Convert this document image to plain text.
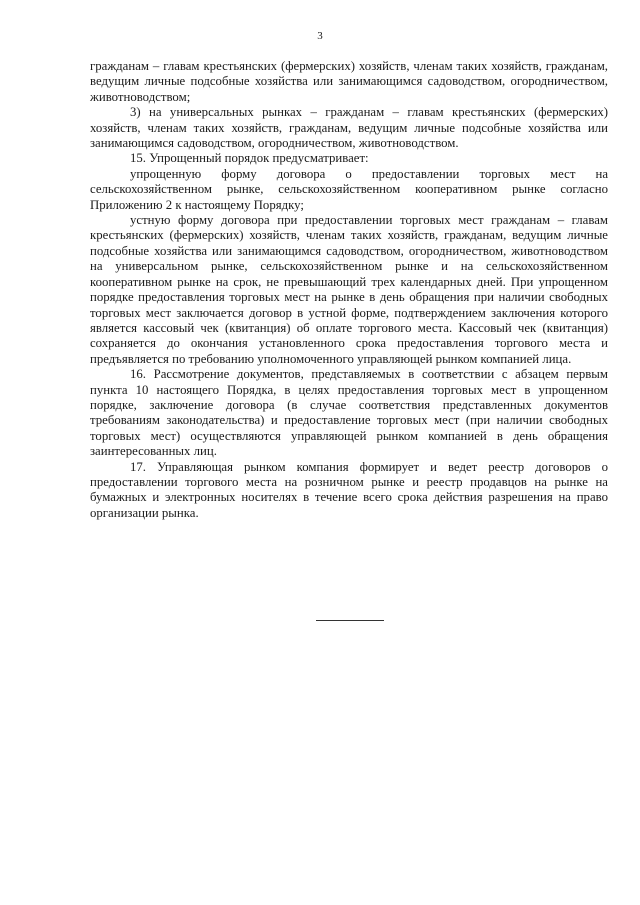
3

гражданам – главам крестьянских (фермерских) хозяйств, членам таких хозяйств, гражданам, ведущим личные подсобные хозяйства или занимающимся садоводством, огородничеством, животноводством;

3) на универсальных рынках – гражданам – главам крестьянских (фермерских) хозяйств, членам таких хозяйств, гражданам, ведущим личные подсобные хозяйства или занимающимся садоводством, огородничеством, животноводством.

15. Упрощенный порядок предусматривает:

упрощенную форму договора о предоставлении торговых мест на сельскохозяйственном рынке, сельскохозяйственном кооперативном рынке согласно Приложению 2 к настоящему Порядку;

устную форму договора при предоставлении торговых мест гражданам – главам крестьянских (фермерских) хозяйств, членам таких хозяйств, гражданам, ведущим личные подсобные хозяйства или занимающимся садоводством, огородничеством, животноводством на универсальном рынке, сельскохозяйственном рынке и на сельскохозяйственном кооперативном рынке на срок, не превышающий трех календарных дней. При упрощенном порядке предоставления торговых мест на рынке в день обращения при наличии свободных торговых мест заключается договор в устной форме, подтверждением заключения которого является кассовый чек (квитанция) об оплате торгового места. Кассовый чек (квитанция) сохраняется до окончания установленного срока предоставления торгового места и предъявляется по требованию уполномоченного управляющей рынком компанией лица.

16. Рассмотрение документов, представляемых в соответствии с абзацем первым пункта 10 настоящего Порядка, в целях предоставления торговых мест в упрощенном порядке, заключение договора (в случае соответствия представленных документов требованиям законодательства) и предоставление торговых мест (при наличии свободных торговых мест) осуществляются управляющей рынком компанией в день обращения заинтересованных лиц.

17. Управляющая рынком компания формирует и ведет реестр договоров о предоставлении торгового места на розничном рынке и реестр продавцов на рынке на бумажных и электронных носителях в течение всего срока действия разрешения на право организации рынка.
